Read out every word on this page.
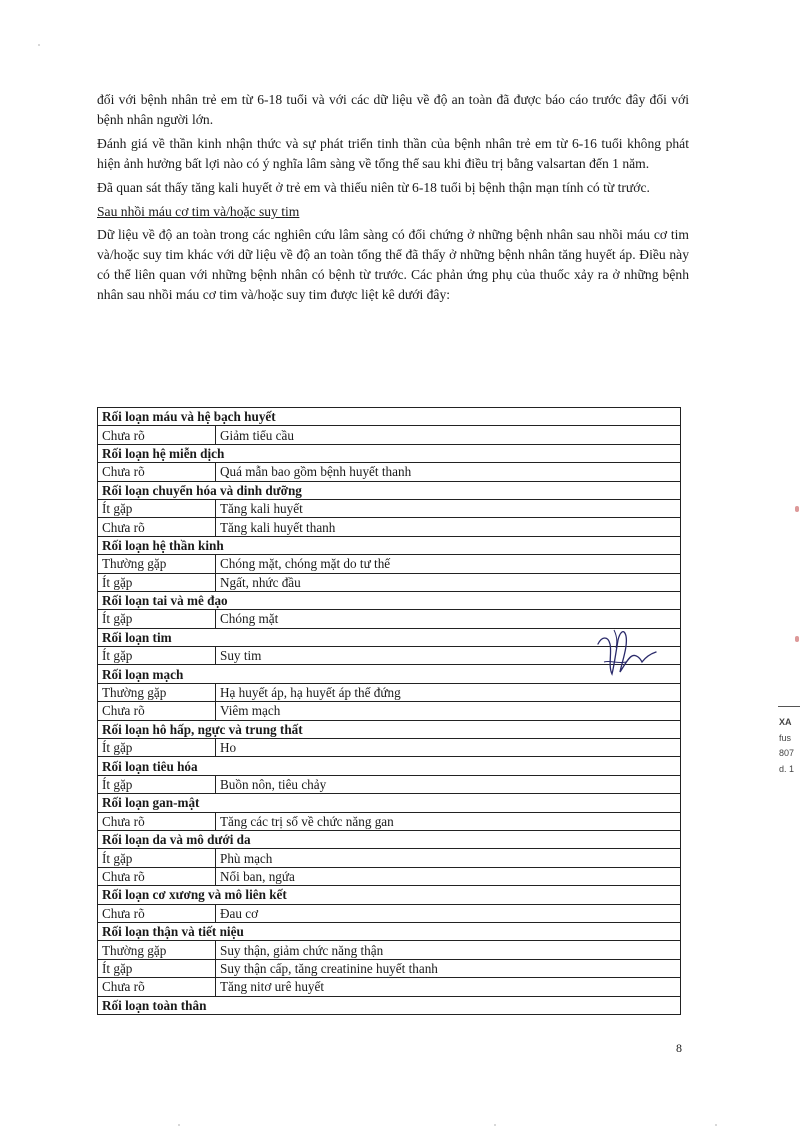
đối với bệnh nhân trẻ em từ 6-18 tuổi và với các dữ liệu về độ an toàn đã được báo cáo trước đây đối với bệnh nhân người lớn.

Đánh giá về thần kinh nhận thức và sự phát triển tinh thần của bệnh nhân trẻ em từ 6-16 tuổi không phát hiện ảnh hưởng bất lợi nào có ý nghĩa lâm sàng về tổng thể sau khi điều trị bằng valsartan đến 1 năm.

Đã quan sát thấy tăng kali huyết ở trẻ em và thiếu niên từ 6-18 tuổi bị bệnh thận mạn tính có từ trước.

Sau nhồi máu cơ tim và/hoặc suy tim

Dữ liệu về độ an toàn trong các nghiên cứu lâm sàng có đối chứng ở những bệnh nhân sau nhồi máu cơ tim và/hoặc suy tim khác với dữ liệu về độ an toàn tổng thể đã thấy ở những bệnh nhân tăng huyết áp. Điều này có thể liên quan với những bệnh nhân có bệnh từ trước. Các phản ứng phụ của thuốc xảy ra ở những bệnh nhân sau nhồi máu cơ tim và/hoặc suy tim được liệt kê dưới đây:

Rối loạn máu và hệ bạch huyết	
Chưa rõ	Giảm tiểu cầu
Rối loạn hệ miễn dịch	
Chưa rõ	Quá mẫn bao gồm bệnh huyết thanh
Rối loạn chuyển hóa và dinh dưỡng	
Ít gặp	Tăng kali huyết
Chưa rõ	Tăng kali huyết thanh
Rối loạn hệ thần kinh	
Thường gặp	Chóng mặt, chóng mặt do tư thế
Ít gặp	Ngất, nhức đầu
Rối loạn tai và mê đạo	
Ít gặp	Chóng mặt
Rối loạn tim	
Ít gặp	Suy tim
Rối loạn mạch	
Thường gặp	Hạ huyết áp, hạ huyết áp thế đứng
Chưa rõ	Viêm mạch
Rối loạn hô hấp, ngực và trung thất	
Ít gặp	Ho
Rối loạn tiêu hóa	
Ít gặp	Buồn nôn, tiêu chảy
Rối loạn gan-mật	
Chưa rõ	Tăng các trị số về chức năng gan
Rối loạn da và mô dưới da	
Ít gặp	Phù mạch
Chưa rõ	Nổi ban, ngứa
Rối loạn cơ xương và mô liên kết	
Chưa rõ	Đau cơ
Rối loạn thận và tiết niệu	
Thường gặp	Suy thận, giảm chức năng thận
Ít gặp	Suy thận cấp, tăng creatinine huyết thanh
Chưa rõ	Tăng nitơ urê huyết
Rối loạn toàn thân	
XA
fus
807
d. 1
8
